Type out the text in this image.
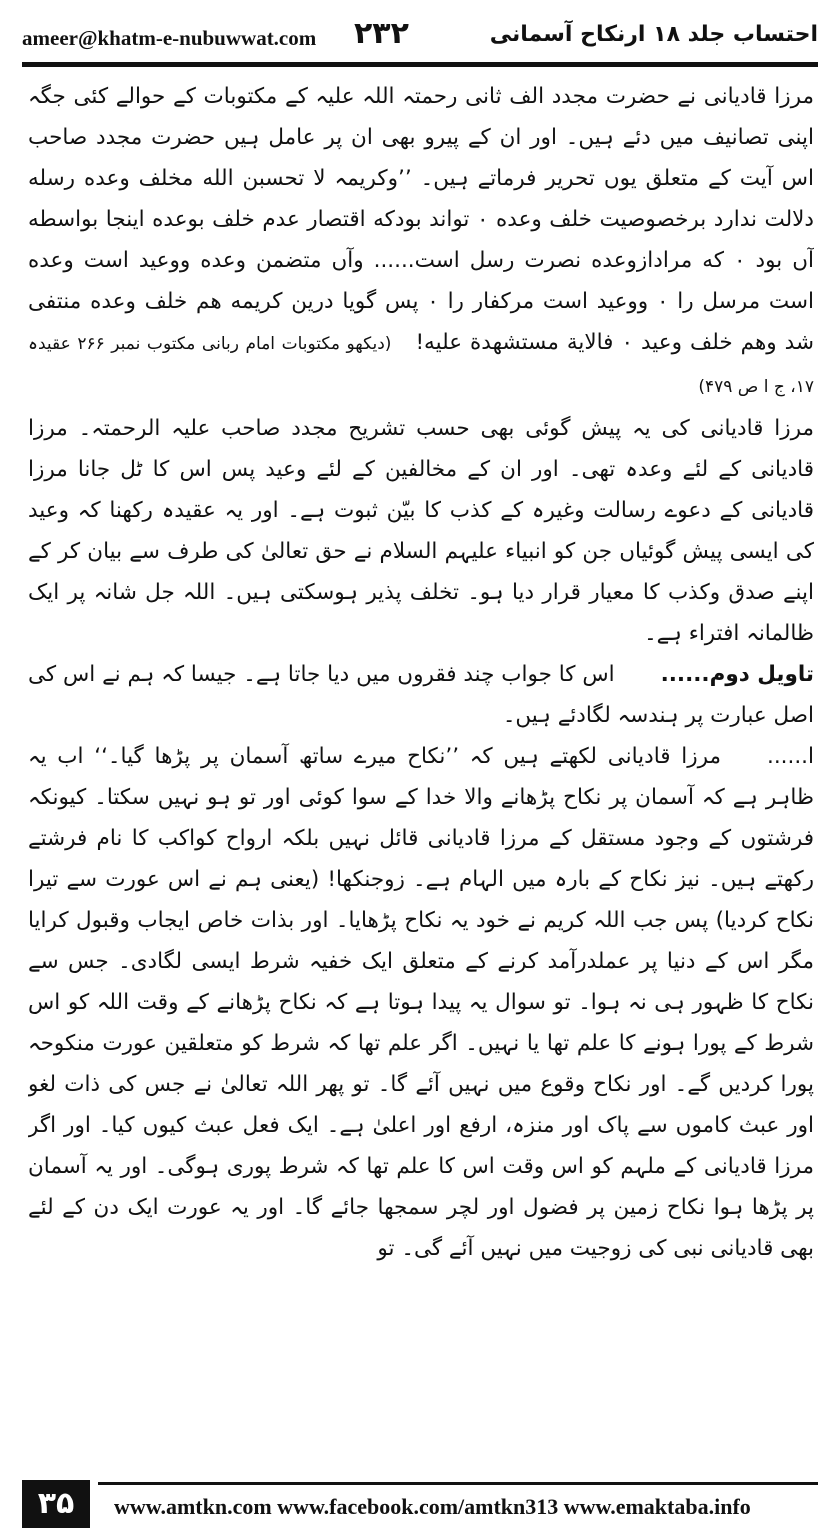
ameer@khatm-e-nubuwwat.com ۲۳۲	احتساب جلد ۱۸ ارنکاح آسمانی

مرزا قادیانی نے حضرت مجدد الف ثانی رحمتہ اللہ علیہ کے مکتوبات کے حوالے کئی جگہ اپنی تصانیف میں دئے ہیں۔ اور ان کے پیرو بھی ان پر عامل ہیں حضرت مجدد صاحب اس آیت کے متعلق یوں تحریر فرماتے ہیں۔ ’’وکریمہ لا تحسبن الله مخلف وعده رسله دلالت ندارد برخصوصیت خلف وعده ۰ تواند بودکه اقتصار عدم خلف بوعده اینجا بواسطه آں بود ۰ که مرادازوعده نصرت رسل است...... وآں متضمن وعده ووعید است وعده است مرسل را ۰ ووعید است مرکفار را ۰ پس گویا درین کریمه هم خلف وعده منتفی شد وهم خلف وعید ۰ فالایة مستشهدة علیه! (دیکھو مکتوبات امام ربانی مکتوب نمبر ۲۶۶ عقیدہ ۱۷، ج ا ص ۴۷۹)

مرزا قادیانی کی یہ پیش گوئی بھی حسب تشریح مجدد صاحب علیہ الرحمتہ۔ مرزا قادیانی کے لئے وعدہ تھی۔ اور ان کے مخالفین کے لئے وعید پس اس کا ٹل جانا مرزا قادیانی کے دعوے رسالت وغیرہ کے کذب کا بیّن ثبوت ہے۔ اور یہ عقیدہ رکھنا کہ وعید کی ایسی پیش گوئیاں جن کو انبیاء علیہم السلام نے حق تعالیٰ کی طرف سے بیان کر کے اپنے صدق وکذب کا معیار قرار دیا ہو۔ تخلف پذیر ہوسکتی ہیں۔ اللہ جل شانہ پر ایک ظالمانہ افتراء ہے۔

تاویل دوم......اس کا جواب چند فقروں میں دیا جاتا ہے۔ جیسا کہ ہم نے اس کی اصل عبارت پر ہندسہ لگادئے ہیں۔

ا......مرزا قادیانی لکھتے ہیں کہ ’’نکاح میرے ساتھ آسمان پر پڑھا گیا۔‘‘ اب یہ ظاہر ہے کہ آسمان پر نکاح پڑھانے والا خدا کے سوا کوئی اور تو ہو نہیں سکتا۔ کیونکہ فرشتوں کے وجود مستقل کے مرزا قادیانی قائل نہیں بلکہ ارواح کواکب کا نام فرشتے رکھتے ہیں۔ نیز نکاح کے بارہ میں الہام ہے۔ زوجنکھا! (یعنی ہم نے اس عورت سے تیرا نکاح کردیا) پس جب اللہ کریم نے خود یہ نکاح پڑھایا۔ اور بذات خاص ایجاب وقبول کرایا مگر اس کے دنیا پر عملدرآمد کرنے کے متعلق ایک خفیہ شرط ایسی لگادی۔ جس سے نکاح کا ظہور ہی نہ ہوا۔ تو سوال یہ پیدا ہوتا ہے کہ نکاح پڑھانے کے وقت اللہ کو اس شرط کے پورا ہونے کا علم تھا یا نہیں۔ اگر علم تھا کہ شرط کو متعلقین عورت منکوحہ پورا کردیں گے۔ اور نکاح وقوع میں نہیں آئے گا۔ تو پھر اللہ تعالیٰ نے جس کی ذات لغو اور عبث کاموں سے پاک اور منزہ، ارفع اور اعلیٰ ہے۔ ایک فعل عبث کیوں کیا۔ اور اگر مرزا قادیانی کے ملہم کو اس وقت اس کا علم تھا کہ شرط پوری ہوگی۔ اور یہ آسمان پر پڑھا ہوا نکاح زمین پر فضول اور لچر سمجھا جائے گا۔ اور یہ عورت ایک دن کے لئے بھی قادیانی نبی کی زوجیت میں نہیں آئے گی۔ تو

۳۵	www.amtkn.com www.facebook.com/amtkn313 www.emaktaba.info
